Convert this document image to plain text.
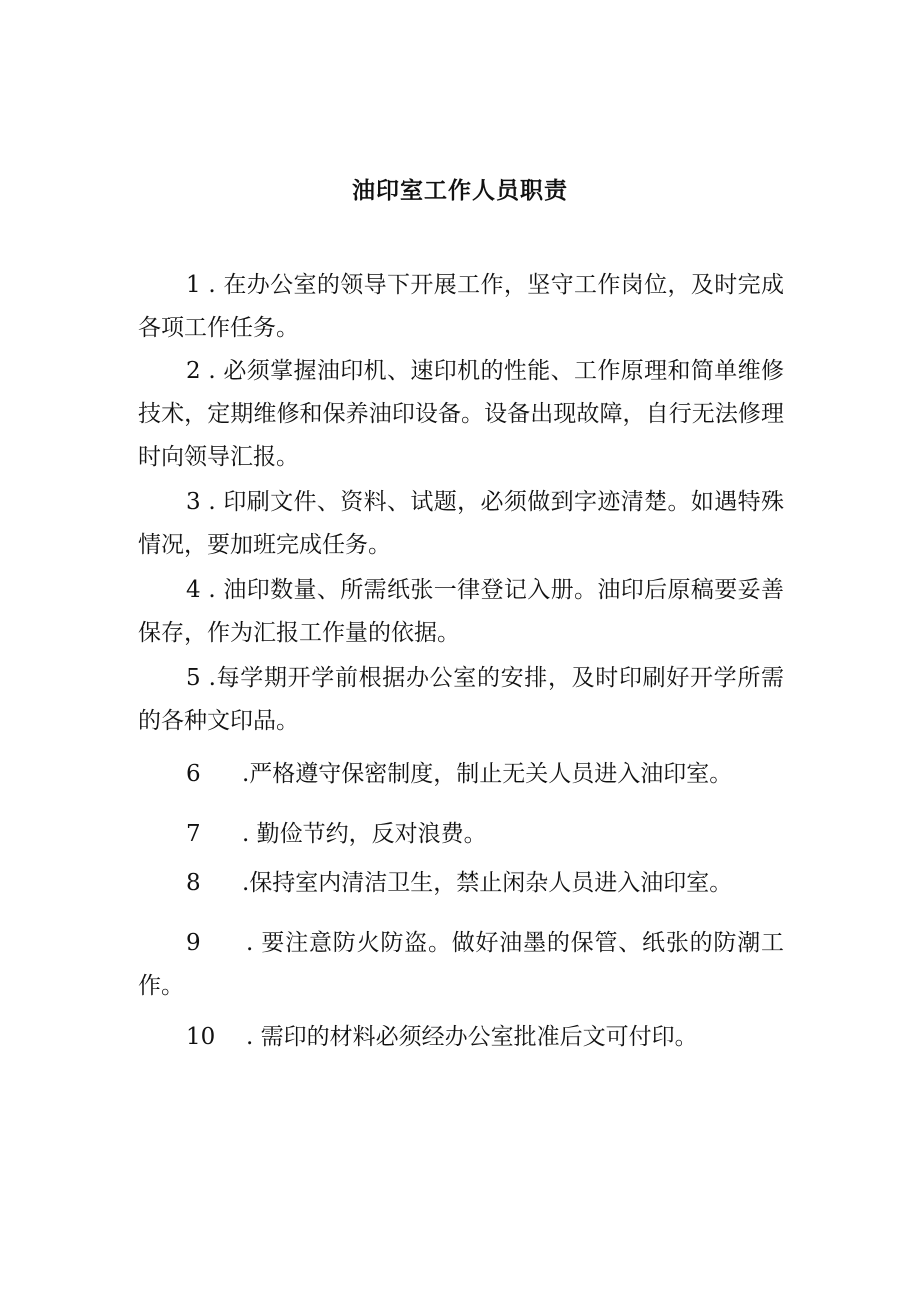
油印室工作人员职责
1 . 在办公室的领导下开展工作，坚守工作岗位，及时完成各项工作任务。
2 . 必须掌握油印机、速印机的性能、工作原理和简单维修技术，定期维修和保养油印设备。设备出现故障，自行无法修理时向领导汇报。
3 . 印刷文件、资料、试题，必须做到字迹清楚。如遇特殊情况，要加班完成任务。
4 . 油印数量、所需纸张一律登记入册。油印后原稿要妥善保存，作为汇报工作量的依据。
5 .每学期开学前根据办公室的安排，及时印刷好开学所需的各种文印品。
6 .严格遵守保密制度，制止无关人员进入油印室。
7 . 勤俭节约，反对浪费。
8 .保持室内清洁卫生，禁止闲杂人员进入油印室。
9 . 要注意防火防盗。做好油墨的保管、纸张的防潮工作。
10 . 需印的材料必须经办公室批准后文可付印。
